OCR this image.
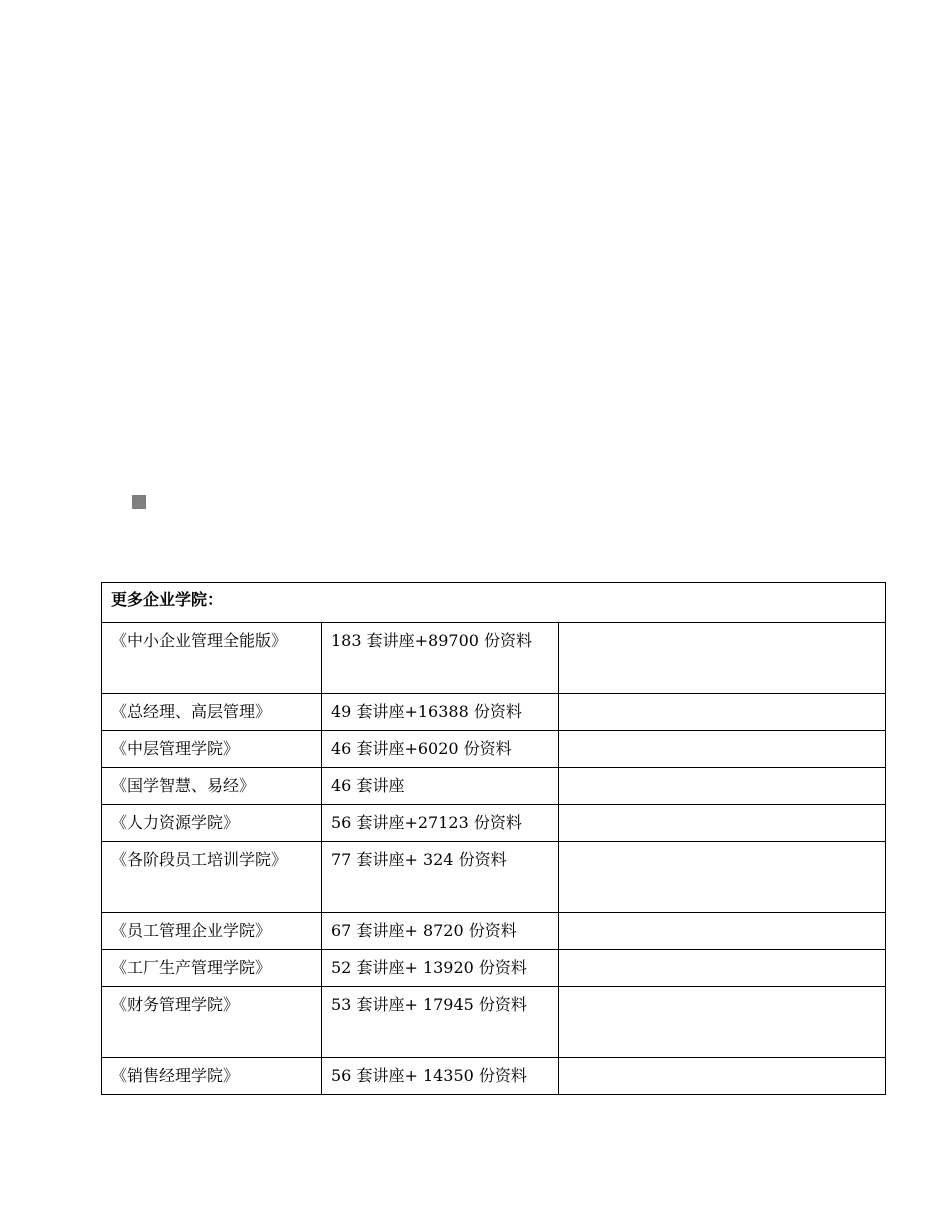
更多企业学院：		
《中小企业管理全能版》	183 套讲座+89700 份资料	
《总经理、高层管理》	49 套讲座+16388 份资料	
《中层管理学院》	46 套讲座+6020 份资料	
《国学智慧、易经》	46 套讲座	
《人力资源学院》	56 套讲座+27123 份资料	
《各阶段员工培训学院》	77 套讲座+ 324 份资料	
《员工管理企业学院》	67 套讲座+ 8720 份资料	
《工厂生产管理学院》	52 套讲座+ 13920 份资料	
《财务管理学院》	53 套讲座+ 17945 份资料	
《销售经理学院》	56 套讲座+ 14350 份资料	
